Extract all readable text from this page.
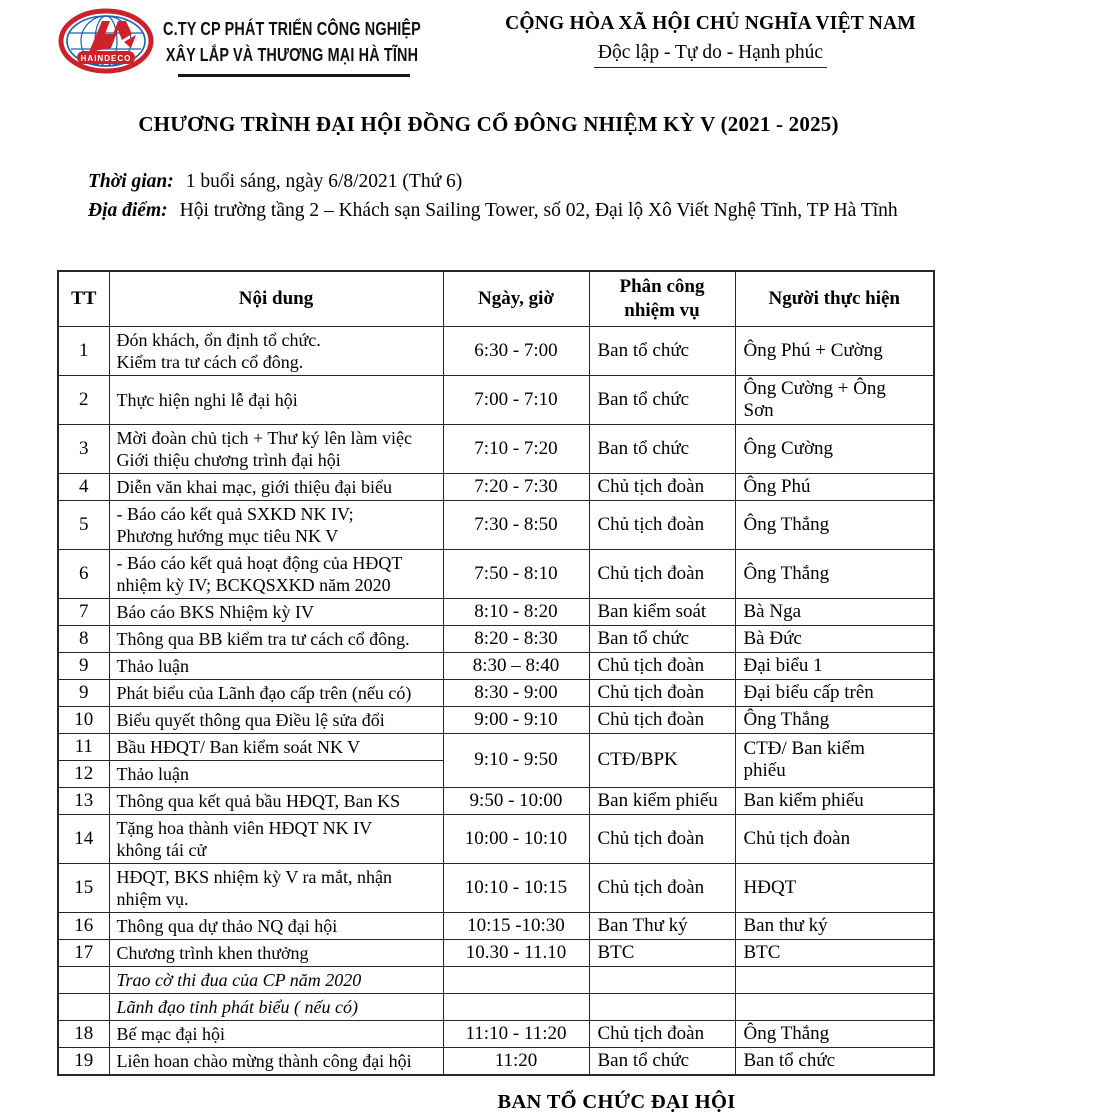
HAINDECO
C.TY CP PHÁT TRIỂN CÔNG NGHIỆP
XÂY LẮP VÀ THƯƠNG MẠI HÀ TĨNH
CỘNG HÒA XÃ HỘI CHỦ NGHĨA VIỆT NAM
Độc lập - Tự do - Hạnh phúc
CHƯƠNG TRÌNH ĐẠI HỘI ĐỒNG CỔ ĐÔNG NHIỆM KỲ V (2021 - 2025)

Thời gian: 1 buổi sáng, ngày 6/8/2021 (Thứ 6)

Địa điểm: Hội trường tầng 2 – Khách sạn Sailing Tower, số 02, Đại lộ Xô Viết Nghệ Tĩnh, TP Hà Tĩnh

TT	Nội dung	Ngày, giờ	Phân công nhiệm vụ	Người thực hiện

1	Đón khách, ổn định tổ chức.
Kiểm tra tư cách cổ đông.	6:30 - 7:00	Ban tổ chức	Ông Phú + Cường

2	Thực hiện nghi lễ đại hội	7:00 - 7:10	Ban tổ chức	Ông Cường + Ông
Sơn

3	Mời đoàn chủ tịch + Thư ký lên làm việc
Giới thiệu chương trình đại hội	7:10 - 7:20	Ban tổ chức	Ông Cường

4	Diễn văn khai mạc, giới thiệu đại biểu	7:20 - 7:30	Chủ tịch đoàn	Ông Phú

5	- Báo cáo kết quả SXKD NK IV;
Phương hướng mục tiêu NK V	7:30 - 8:50	Chủ tịch đoàn	Ông Thắng

6	- Báo cáo kết quả hoạt động của HĐQT
nhiệm kỳ IV; BCKQSXKD năm 2020	7:50 - 8:10	Chủ tịch đoàn	Ông Thắng

7	Báo cáo BKS Nhiệm kỳ IV	8:10 - 8:20	Ban kiểm soát	Bà Nga

8	Thông qua BB kiểm tra tư cách cổ đông.	8:20 - 8:30	Ban tổ chức	Bà Đức

9	Thảo luận	8:30 – 8:40	Chủ tịch đoàn	Đại biểu 1

9	Phát biểu của Lãnh đạo cấp trên (nếu có)	8:30 - 9:00	Chủ tịch đoàn	Đại biểu cấp trên

10	Biểu quyết thông qua Điều lệ sửa đổi	9:00 - 9:10	Chủ tịch đoàn	Ông Thắng

11	Bầu HĐQT/ Ban kiểm soát NK V	9:10 - 9:50	CTĐ/BPK	CTĐ/ Ban kiểm
phiếu

12	Thảo luận			

13	Thông qua kết quả bầu HĐQT, Ban KS	9:50 - 10:00	Ban kiểm phiếu	Ban kiểm phiếu

14	Tặng hoa thành viên HĐQT NK IV
không tái cử	10:00 - 10:10	Chủ tịch đoàn	Chủ tịch đoàn

15	HĐQT, BKS nhiệm kỳ V ra mắt, nhận
nhiệm vụ.	10:10 - 10:15	Chủ tịch đoàn	HĐQT

16	Thông qua dự thảo NQ đại hội	10:15 -10:30	Ban Thư ký	Ban thư ký

17	Chương trình khen thưởng	10.30 - 11.10	BTC	BTC

	Trao cờ thi đua của CP năm 2020			

	Lãnh đạo tỉnh phát biểu ( nếu có)			

18	Bế mạc đại hội	11:10 - 11:20	Chủ tịch đoàn	Ông Thắng

19	Liên hoan chào mừng thành công đại hội	11:20	Ban tổ chức	Ban tổ chức
BAN TỔ CHỨC ĐẠI HỘI
